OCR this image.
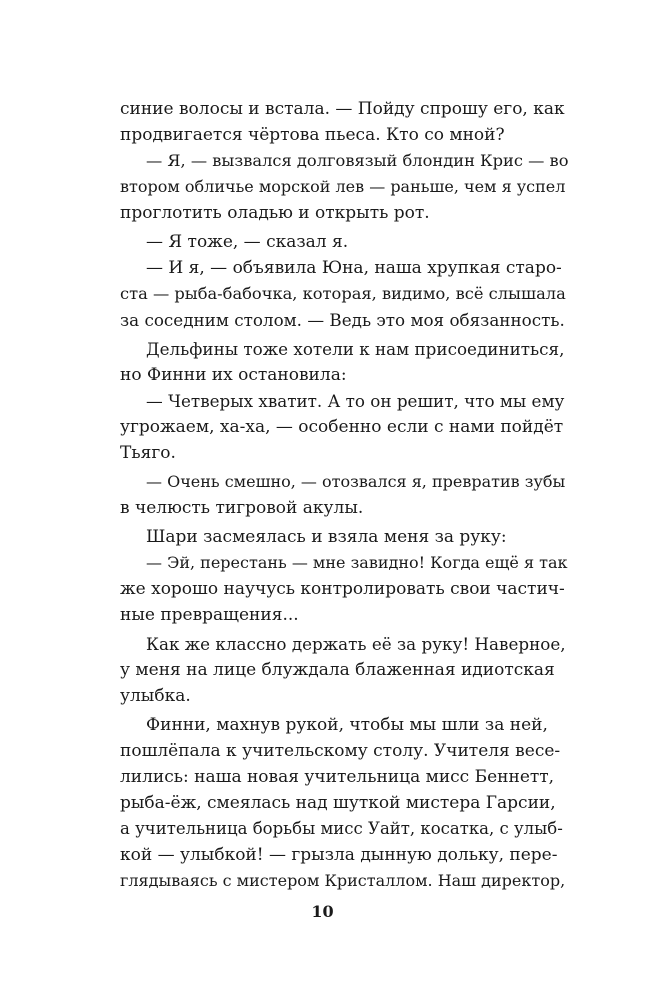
синие волосы и встала. — Пойду спрошу его, как
продвигается чёртова пьеса. Кто со мной?
— Я, — вызвался долговязый блондин Крис — во
втором обличье морской лев — раньше, чем я успел
проглотить оладью и открыть рот.
— Я тоже, — сказал я.
— И я, — объявила Юна, наша хрупкая старо-
ста — рыба-бабочка, которая, видимо, всё слышала
за соседним столом. — Ведь это моя обязанность.
Дельфины тоже хотели к нам присоединиться,
но Финни их остановила:
— Четверых хватит. А то он решит, что мы ему
угрожаем, ха-ха, — особенно если с нами пойдёт
Тьяго.
— Очень смешно, — отозвался я, превратив зубы
в челюсть тигровой акулы.
Шари засмеялась и взяла меня за руку:
— Эй, перестань — мне завидно! Когда ещё я так
же хорошо научусь контролировать свои частич-
ные превращения...
Как же классно держать её за руку! Наверное,
у меня на лице блуждала блаженная идиотская
улыбка.
Финни, махнув рукой, чтобы мы шли за ней,
пошлёпала к учительскому столу. Учителя весе-
лились: наша новая учительница мисс Беннетт,
рыба-ёж, смеялась над шуткой мистера Гарсии,
а учительница борьбы мисс Уайт, косатка, с улыб-
кой — улыбкой! — грызла дынную дольку, пере-
глядываясь с мистером Кристаллом. Наш директор,
10
